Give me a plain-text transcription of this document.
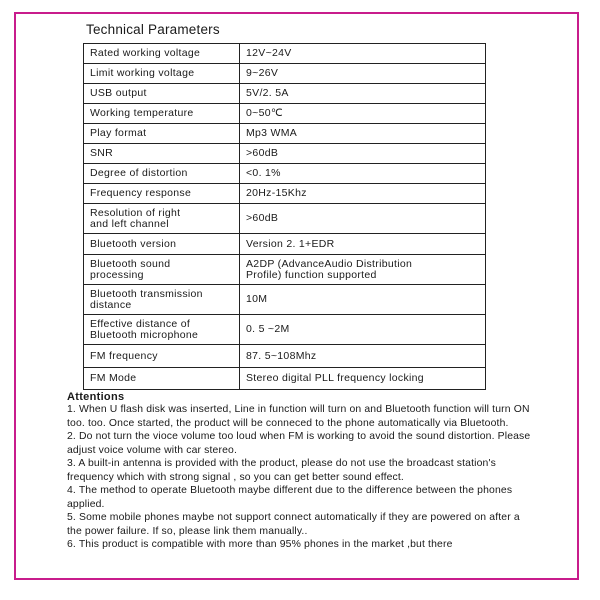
Technical Parameters
Rated working voltage	12V~24V
Limit working voltage	9~26V
USB output	5V/2. 5A
Working temperature	0~50℃
Play format	Mp3 WMA
SNR	>60dB
Degree of distortion	<0. 1%
Frequency response	20Hz-15Khz
Resolution of right
and left channel	>60dB
Bluetooth version	Version 2. 1+EDR
Bluetooth sound
processing	A2DP (AdvanceAudio Distribution
Profile) function supported
Bluetooth transmission
distance	10M
Effective distance of
Bluetooth microphone	0. 5 ~2M
FM frequency	87. 5~108Mhz
FM Mode	Stereo digital PLL frequency locking
Attentions

1. When U flash disk was inserted, Line in function will turn on and Bluetooth function will turn ON too. too. Once started, the product will be conneced to the phone automatically via Bluetooth.

2. Do not turn the vioce volume too loud when FM is working to avoid the sound distortion. Please adjust voice volume with car stereo.

3. A built-in antenna is provided with the product, please do not use the broadcast station's frequency which with strong signal , so you can get better sound effect.

4. The method to operate Bluetooth maybe different due to the difference between the phones applied.

5. Some mobile phones maybe not support connect automatically if they are powered on after a the power failure. If so, please link them manually..

6. This product is compatible with more than 95% phones in the market ,but there
